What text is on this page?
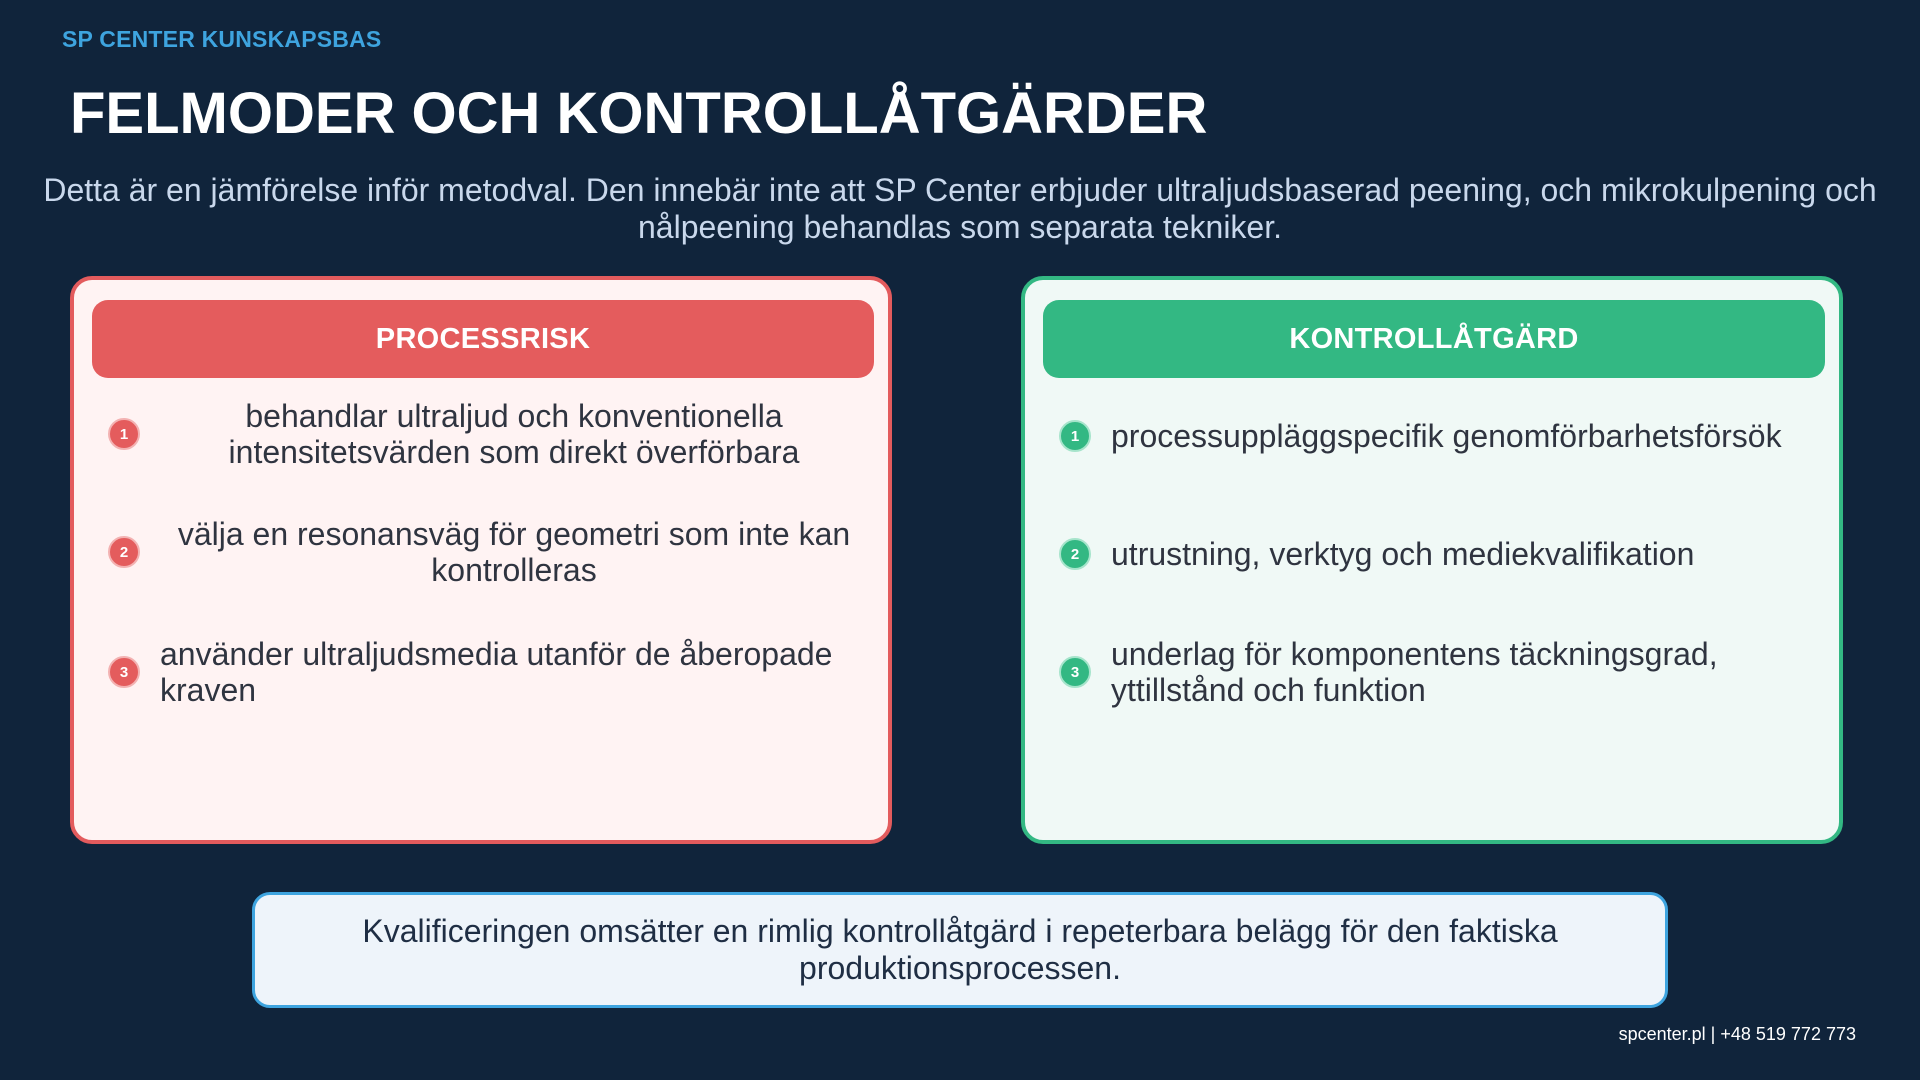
SP CENTER KUNSKAPSBAS
FELMODER OCH KONTROLLÅTGÄRDER
Detta är en jämförelse inför metodval. Den innebär inte att SP Center erbjuder ultraljudsbaserad peening, och mikrokulpening och nålpeening behandlas som separata tekniker.
PROCESSRISK
1	behandlar ultraljud och konventionella intensitetsvärden som direkt överförbara
2	välja en resonansväg för geometri som inte kan kontrolleras
3 använder ultraljudsmedia utanför de åberopade kraven
KONTROLLÅTGÄRD
1 processuppläggspecifik genomförbarhetsförsök
2 utrustning, verktyg och mediekvalifikation
3 underlag för komponentens täckningsgrad, yttillstånd och funktion
Kvalificeringen omsätter en rimlig kontrollåtgärd i repeterbara belägg för den faktiska produktionsprocessen.
spcenter.pl | +48 519 772 773
